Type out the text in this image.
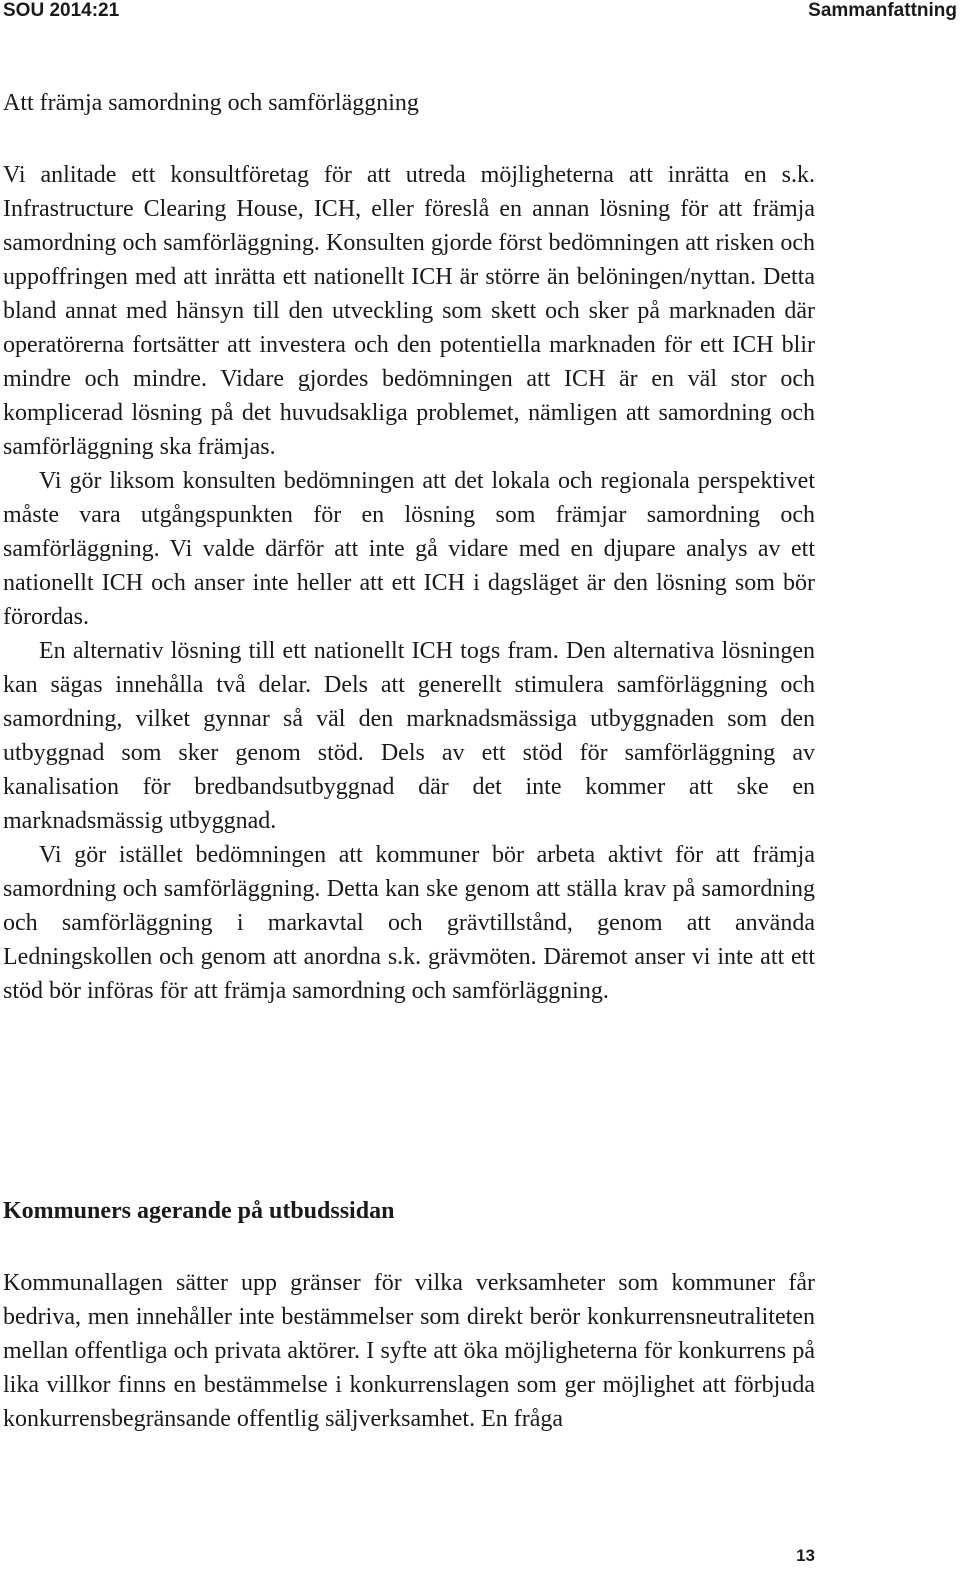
SOU 2014:21	Sammanfattning
Att främja samordning och samförläggning

Vi anlitade ett konsultföretag för att utreda möjligheterna att inrätta en s.k. Infrastructure Clearing House, ICH, eller föreslå en annan lösning för att främja samordning och samförläggning. Konsulten gjorde först bedömningen att risken och uppoffringen med att inrätta ett nationellt ICH är större än belöningen/nyttan. Detta bland annat med hänsyn till den utveckling som skett och sker på marknaden där operatörerna fortsätter att investera och den potentiella marknaden för ett ICH blir mindre och mindre. Vidare gjordes bedömningen att ICH är en väl stor och komplicerad lösning på det huvudsakliga problemet, nämligen att samordning och samförläggning ska främjas.

Vi gör liksom konsulten bedömningen att det lokala och regionala perspektivet måste vara utgångspunkten för en lösning som främjar samordning och samförläggning. Vi valde därför att inte gå vidare med en djupare analys av ett nationellt ICH och anser inte heller att ett ICH i dagsläget är den lösning som bör förordas.

En alternativ lösning till ett nationellt ICH togs fram. Den alternativa lösningen kan sägas innehålla två delar. Dels att generellt stimulera samförläggning och samordning, vilket gynnar så väl den marknadsmässiga utbyggnaden som den utbyggnad som sker genom stöd. Dels av ett stöd för samförläggning av kanalisation för bredbandsutbyggnad där det inte kommer att ske en marknadsmässig utbyggnad.

Vi gör istället bedömningen att kommuner bör arbeta aktivt för att främja samordning och samförläggning. Detta kan ske genom att ställa krav på samordning och samförläggning i markavtal och grävtillstånd, genom att använda Ledningskollen och genom att anordna s.k. grävmöten. Däremot anser vi inte att ett stöd bör införas för att främja samordning och samförläggning.

Kommuners agerande på utbudssidan

Kommunallagen sätter upp gränser för vilka verksamheter som kommuner får bedriva, men innehåller inte bestämmelser som direkt berör konkurrensneutraliteten mellan offentliga och privata aktörer. I syfte att öka möjligheterna för konkurrens på lika villkor finns en bestämmelse i konkurrenslagen som ger möjlighet att förbjuda konkurrensbegränsande offentlig säljverksamhet. En fråga

13
